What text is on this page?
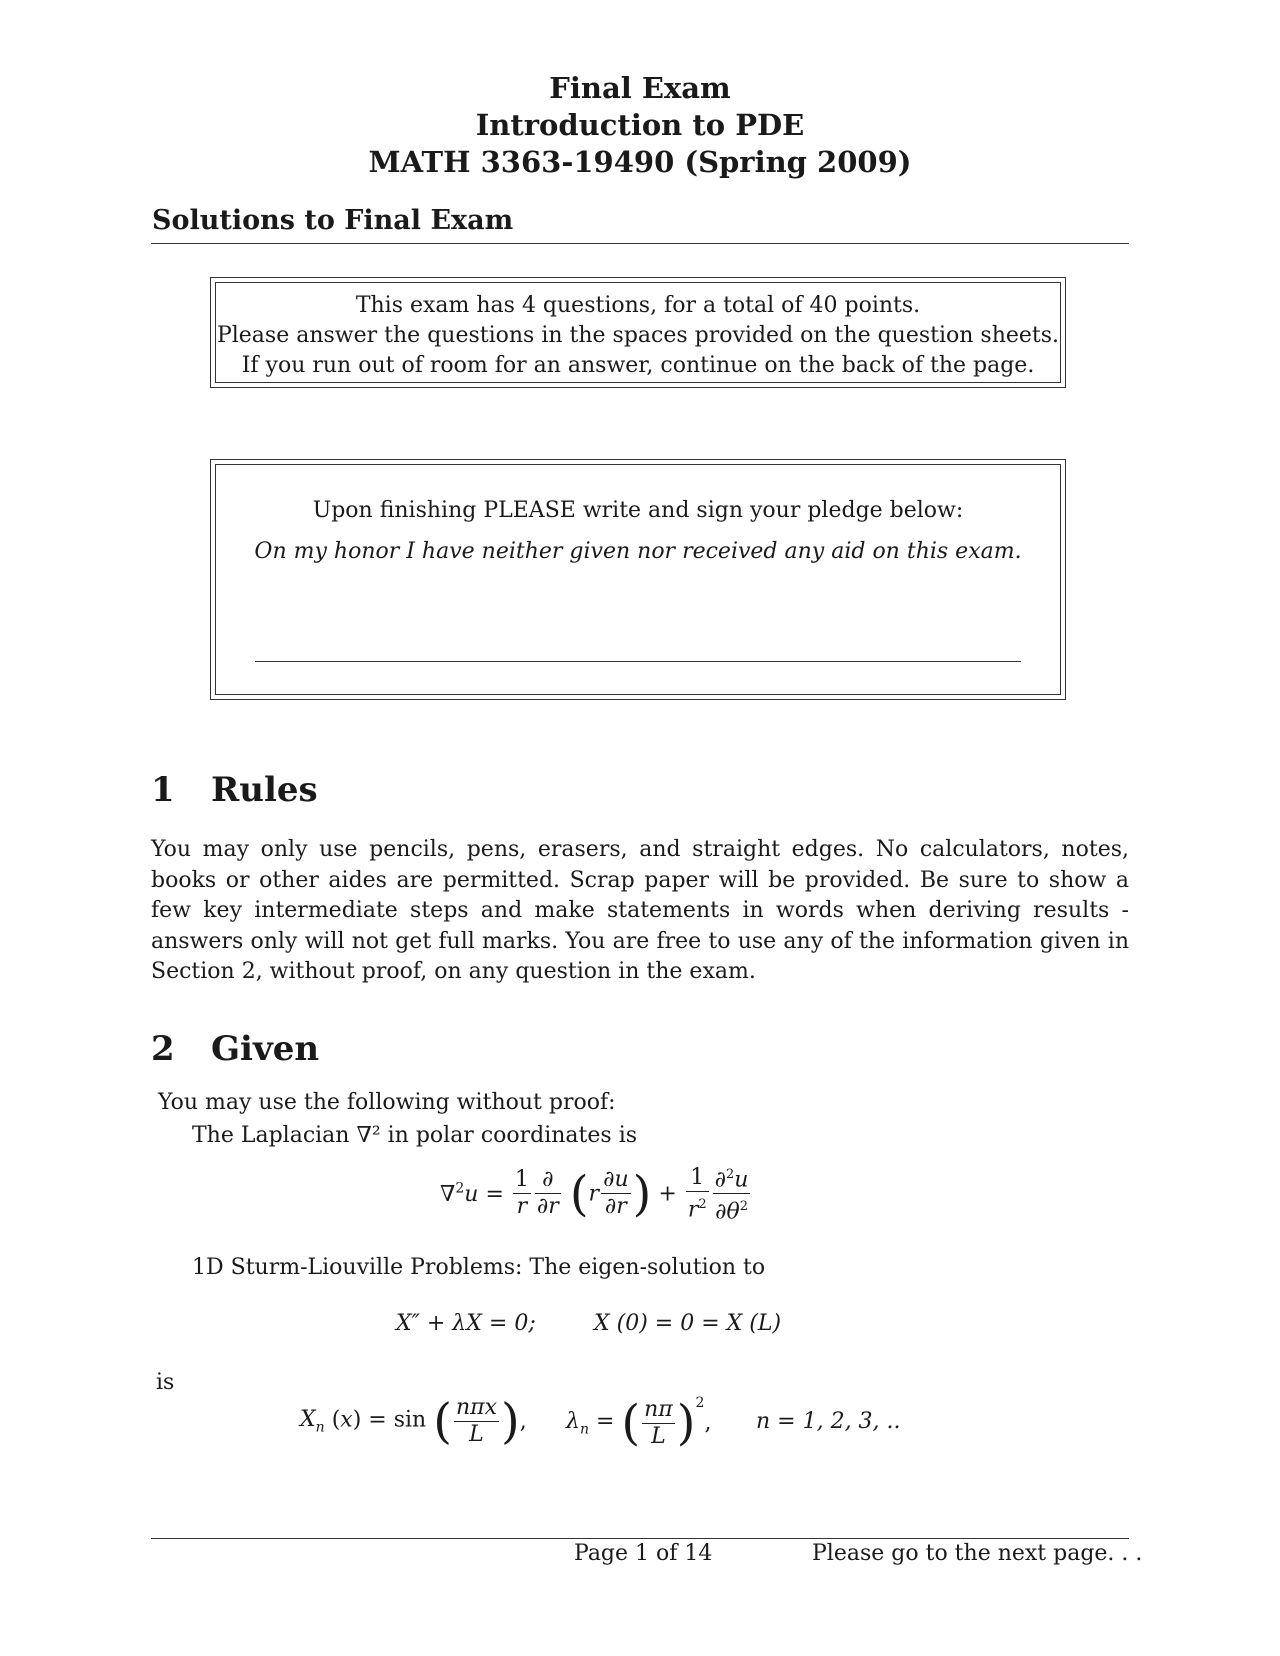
Final Exam
Introduction to PDE
MATH 3363-19490 (Spring 2009)
Solutions to Final Exam
This exam has 4 questions, for a total of 40 points.
Please answer the questions in the spaces provided on the question sheets.
If you run out of room for an answer, continue on the back of the page.
Upon finishing PLEASE write and sign your pledge below:
On my honor I have neither given nor received any aid on this exam.
1 Rules
You may only use pencils, pens, erasers, and straight edges. No calculators, notes, books or other aides are permitted. Scrap paper will be provided. Be sure to show a few key intermediate steps and make statements in words when deriving results - answers only will not get full marks. You are free to use any of the information given in Section 2, without proof, on any question in the exam.
2 Given
You may use the following without proof:
The Laplacian ∇² in polar coordinates is
$\nabla^2u = \frac{1}{r} \frac{\partial}{\partial r} (r \frac{\partial u}{\partial r}$ ) + $\frac{1}{r^2} \frac{\partial^2u}{\partial\theta^2}$
1D Sturm-Liouville Problems: The eigen-solution to
X″ + λX = 0;	X (0) = 0 = X (L)
is
$X_n$ (x) = sin ( $\frac{\text{nπx}}{L}$ ), $\lambda_n$ = ( $\frac{n\pi}{L} )^2$, n = 1, 2, 3, ..
Page 1 of 14	Please go to the next page. . .
